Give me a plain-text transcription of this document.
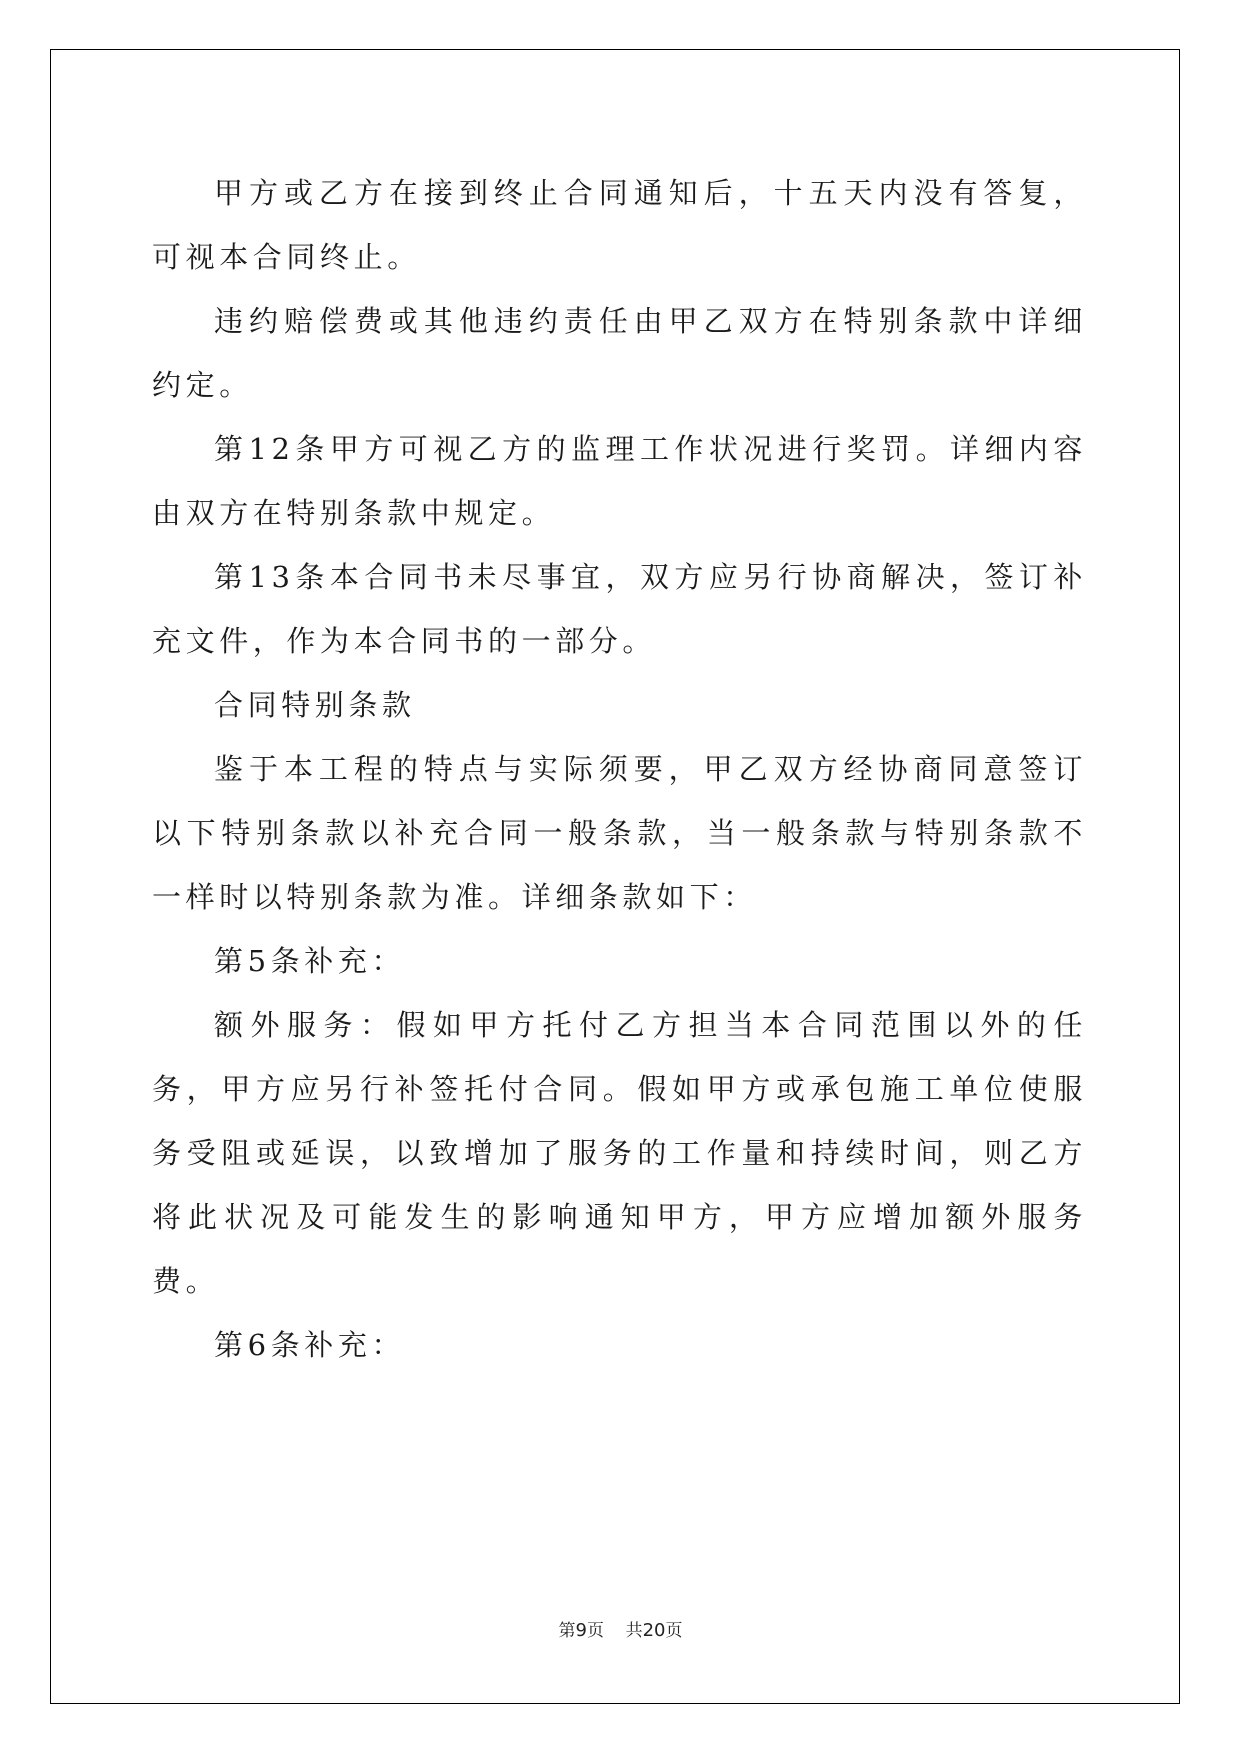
甲方或乙方在接到终止合同通知后，十五天内没有答复，可视本合同终止。

违约赔偿费或其他违约责任由甲乙双方在特别条款中详细约定。

第12条甲方可视乙方的监理工作状况进行奖罚。详细内容由双方在特别条款中规定。

第13条本合同书未尽事宜，双方应另行协商解决，签订补充文件，作为本合同书的一部分。

合同特别条款

鉴于本工程的特点与实际须要，甲乙双方经协商同意签订以下特别条款以补充合同一般条款，当一般条款与特别条款不一样时以特别条款为准。详细条款如下：

第5条补充：

额外服务：假如甲方托付乙方担当本合同范围以外的任务，甲方应另行补签托付合同。假如甲方或承包施工单位使服务受阻或延误，以致增加了服务的工作量和持续时间，则乙方将此状况及可能发生的影响通知甲方，甲方应增加额外服务费。

第6条补充：

第9页 共20页
